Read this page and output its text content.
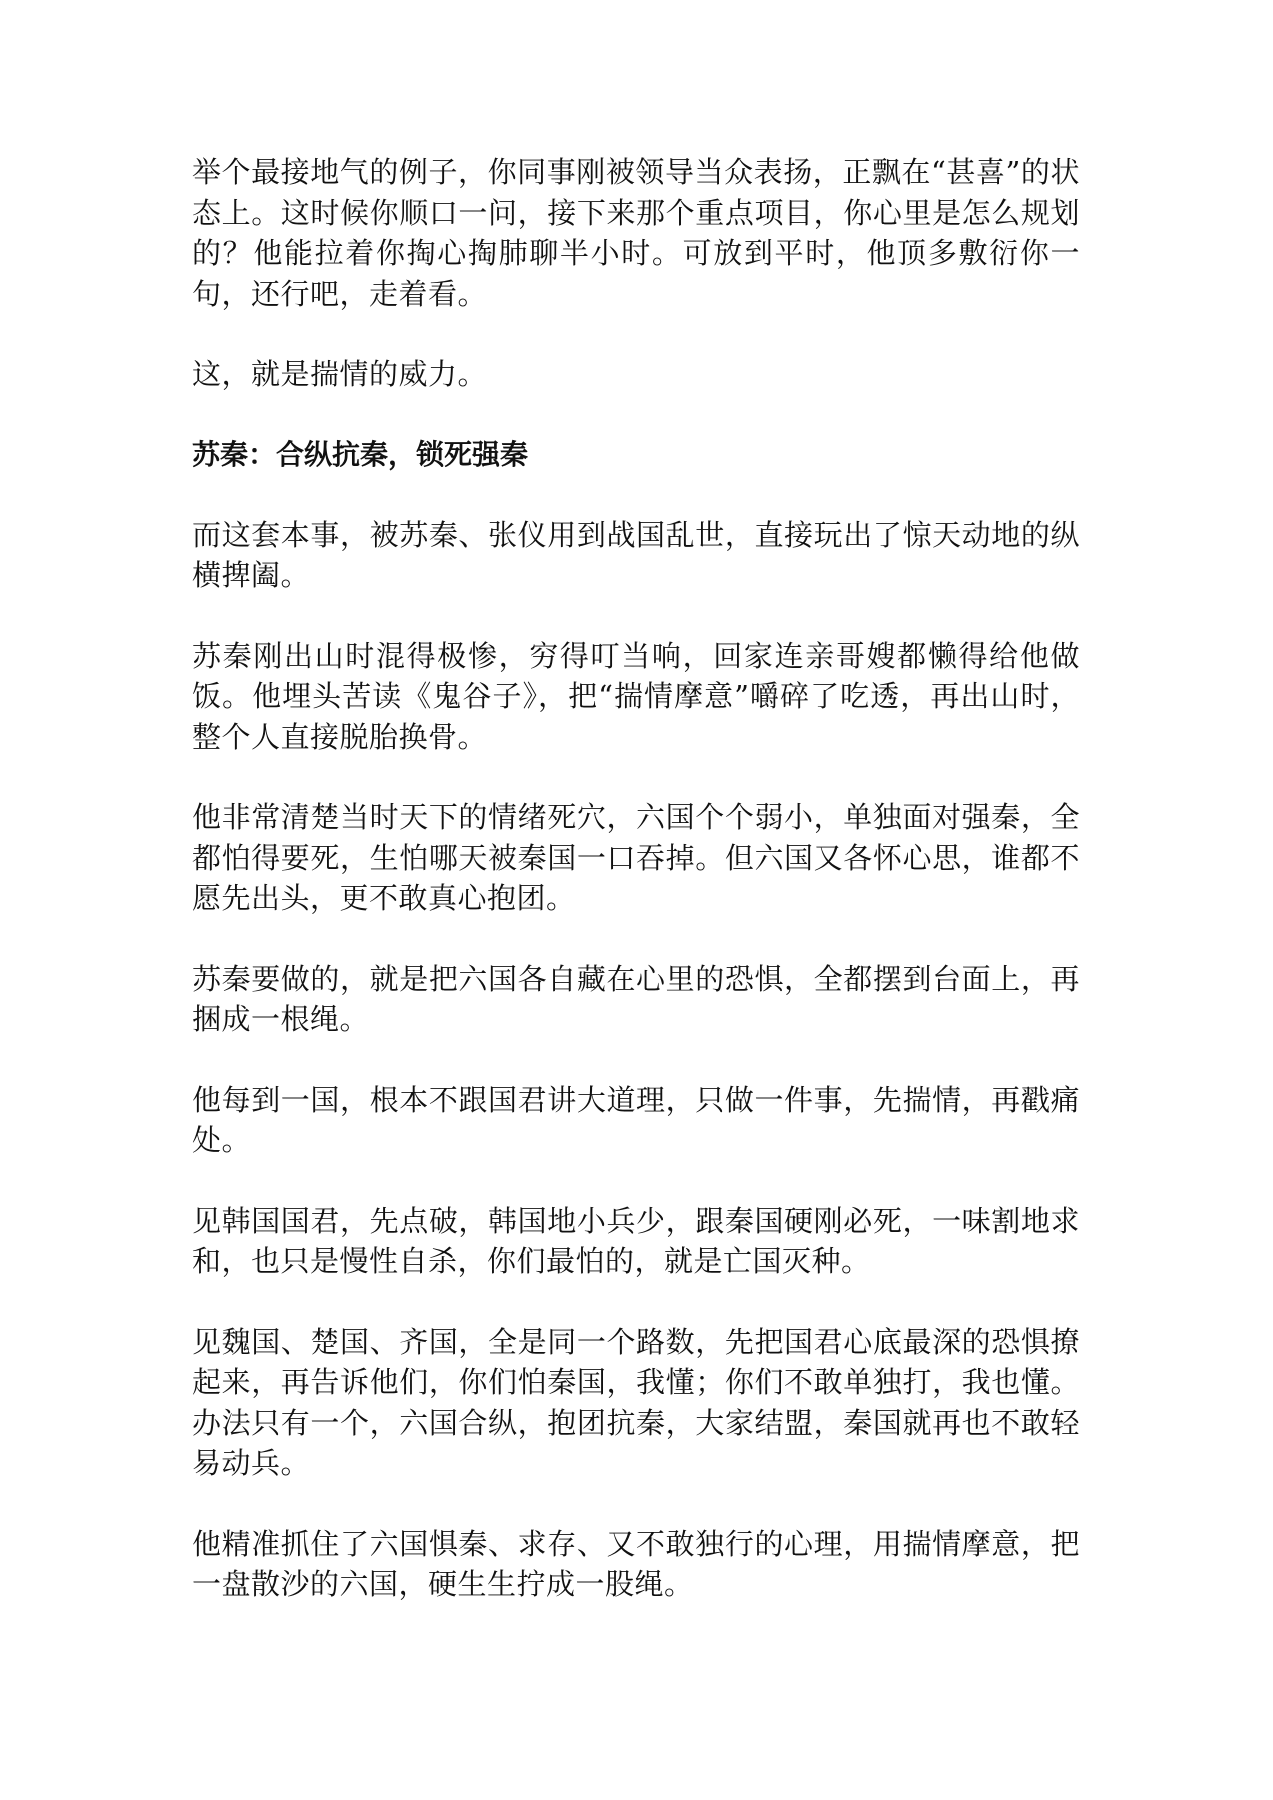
举个最接地气的例子，你同事刚被领导当众表扬，正飘在“甚喜”的状态上。这时候你顺口一问，接下来那个重点项目，你心里是怎么规划的？他能拉着你掏心掏肺聊半小时。可放到平时，他顶多敷衍你一句，还行吧，走着看。

这，就是揣情的威力。

苏秦：合纵抗秦，锁死强秦

而这套本事，被苏秦、张仪用到战国乱世，直接玩出了惊天动地的纵横捭阖。

苏秦刚出山时混得极惨，穷得叮当响，回家连亲哥嫂都懒得给他做饭。他埋头苦读《鬼谷子》，把“揣情摩意”嚼碎了吃透，再出山时，整个人直接脱胎换骨。

他非常清楚当时天下的情绪死穴，六国个个弱小，单独面对强秦，全都怕得要死，生怕哪天被秦国一口吞掉。但六国又各怀心思，谁都不愿先出头，更不敢真心抱团。

苏秦要做的，就是把六国各自藏在心里的恐惧，全都摆到台面上，再捆成一根绳。

他每到一国，根本不跟国君讲大道理，只做一件事，先揣情，再戳痛处。

见韩国国君，先点破，韩国地小兵少，跟秦国硬刚必死，一味割地求和，也只是慢性自杀，你们最怕的，就是亡国灭种。

见魏国、楚国、齐国，全是同一个路数，先把国君心底最深的恐惧撩起来，再告诉他们，你们怕秦国，我懂；你们不敢单独打，我也懂。办法只有一个，六国合纵，抱团抗秦，大家结盟，秦国就再也不敢轻易动兵。

他精准抓住了六国惧秦、求存、又不敢独行的心理，用揣情摩意，把一盘散沙的六国，硬生生拧成一股绳。
